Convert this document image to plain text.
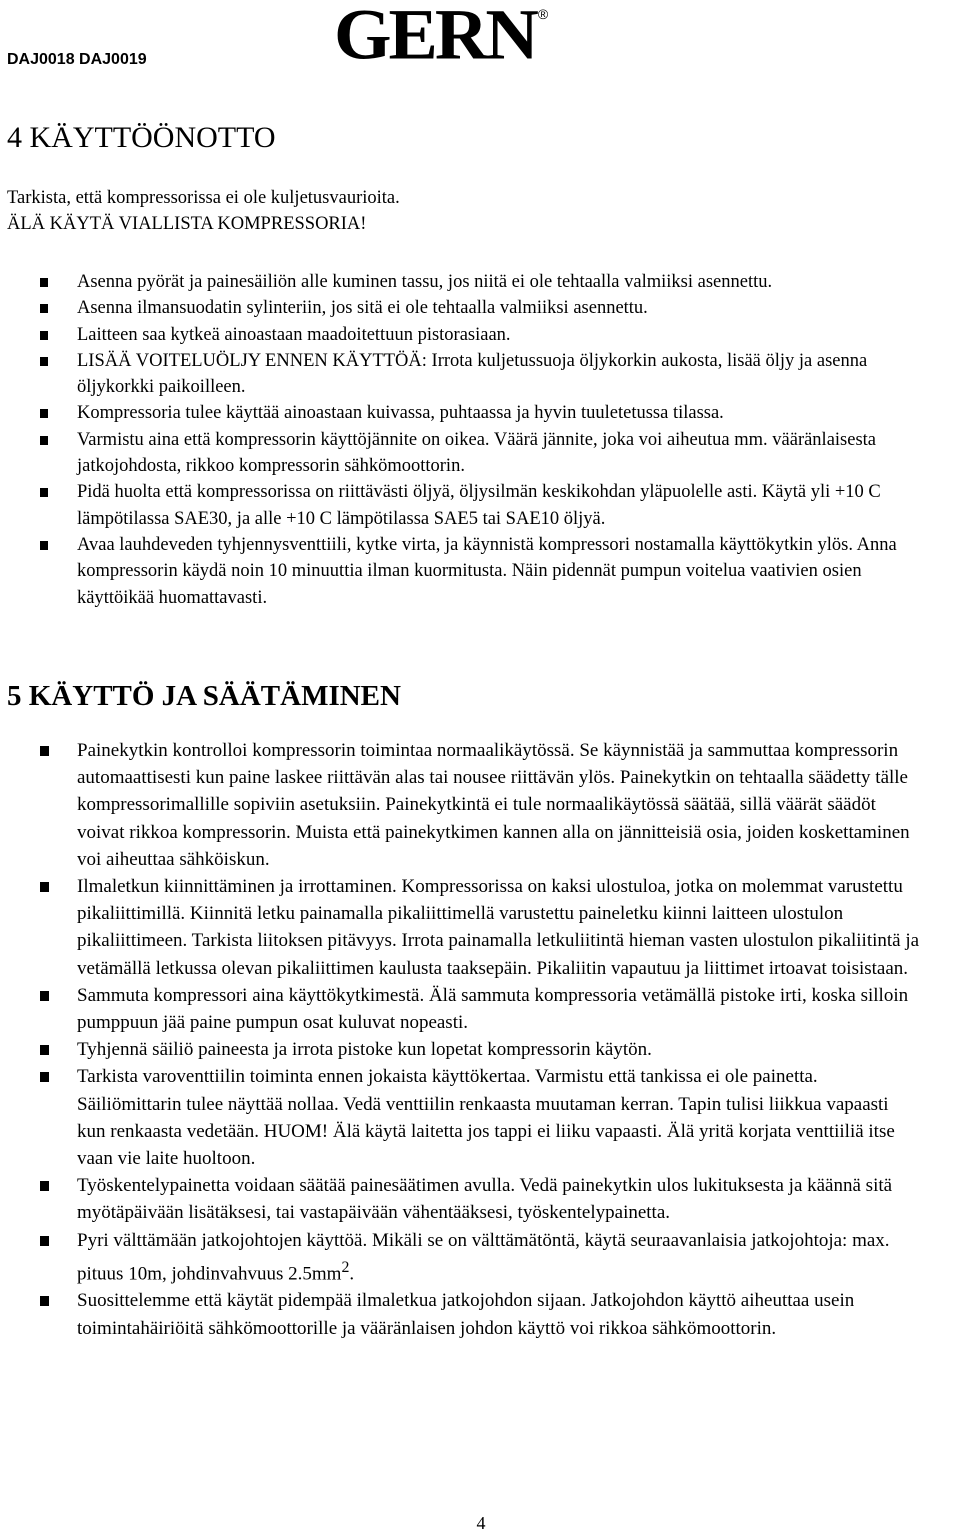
DAJ0018 DAJ0019	GERN ®
4 KÄYTTÖÖNOTTO

Tarkista, että kompressorissa ei ole kuljetusvaurioita.

ÄLÄ KÄYTÄ VIALLISTA KOMPRESSORIA!

Asenna pyörät ja painesäiliön alle kuminen tassu, jos niitä ei ole tehtaalla valmiiksi asennettu.
Asenna ilmansuodatin sylinteriin, jos sitä ei ole tehtaalla valmiiksi asennettu.
Laitteen saa kytkeä ainoastaan maadoitettuun pistorasiaan.
LISÄÄ VOITELUÖLJY ENNEN KÄYTTÖÄ: Irrota kuljetussuoja öljykorkin aukosta, lisää öljy ja asenna öljykorkki paikoilleen.
Kompressoria tulee käyttää ainoastaan kuivassa, puhtaassa ja hyvin tuuletetussa tilassa.
Varmistu aina että kompressorin käyttöjännite on oikea. Väärä jännite, joka voi aiheutua mm. vääränlaisesta jatkojohdosta, rikkoo kompressorin sähkömoottorin.
Pidä huolta että kompressorissa on riittävästi öljyä, öljysilmän keskikohdan yläpuolelle asti. Käytä yli +10 C lämpötilassa SAE30, ja alle +10 C lämpötilassa SAE5 tai SAE10 öljyä.
Avaa lauhdeveden tyhjennysventtiili, kytke virta, ja käynnistä kompressori nostamalla käyttökytkin ylös. Anna kompressorin käydä noin 10 minuuttia ilman kuormitusta. Näin pidennät pumpun voitelua vaativien osien käyttöikää huomattavasti.
5 KÄYTTÖ JA SÄÄTÄMINEN
Painekytkin kontrolloi kompressorin toimintaa normaalikäytössä. Se käynnistää ja sammuttaa kompressorin automaattisesti kun paine laskee riittävän alas tai nousee riittävän ylös. Painekytkin on tehtaalla säädetty tälle kompressorimallille sopiviin asetuksiin. Painekytkintä ei tule normaalikäytössä säätää, sillä väärät säädöt voivat rikkoa kompressorin. Muista että painekytkimen kannen alla on jännitteisiä osia, joiden koskettaminen voi aiheuttaa sähköiskun.
Ilmaletkun kiinnittäminen ja irrottaminen. Kompressorissa on kaksi ulostuloa, jotka on molemmat varustettu pikaliittimillä. Kiinnitä letku painamalla pikaliittimellä varustettu paineletku kiinni laitteen ulostulon pikaliittimeen. Tarkista liitoksen pitävyys. Irrota painamalla letkuliitintä hieman vasten ulostulon pikaliitintä ja vetämällä letkussa olevan pikaliittimen kaulusta taaksepäin. Pikaliitin vapautuu ja liittimet irtoavat toisistaan.
Sammuta kompressori aina käyttökytkimestä. Älä sammuta kompressoria vetämällä pistoke irti, koska silloin pumppuun jää paine pumpun osat kuluvat nopeasti.
Tyhjennä säiliö paineesta ja irrota pistoke kun lopetat kompressorin käytön.
Tarkista varoventtiilin toiminta ennen jokaista käyttökertaa. Varmistu että tankissa ei ole painetta. Säiliömittarin tulee näyttää nollaa. Vedä venttiilin renkaasta muutaman kerran. Tapin tulisi liikkua vapaasti kun renkaasta vedetään. HUOM! Älä käytä laitetta jos tappi ei liiku vapaasti. Älä yritä korjata venttiiliä itse vaan vie laite huoltoon.
Työskentelypainetta voidaan säätää painesäätimen avulla. Vedä painekytkin ulos lukituksesta ja käännä sitä myötäpäivään lisätäksesi, tai vastapäivään vähentääksesi, työskentelypainetta.
Pyri välttämään jatkojohtojen käyttöä. Mikäli se on välttämätöntä, käytä seuraavanlaisia jatkojohtoja: max. pituus 10m, johdinvahvuus $2.5mm^2$.
Suosittelemme että käytät pidempää ilmaletkua jatkojohdon sijaan. Jatkojohdon käyttö aiheuttaa usein toimintahäiriöitä sähkömoottorille ja vääränlaisen johdon käyttö voi rikkoa sähkömoottorin.
4
